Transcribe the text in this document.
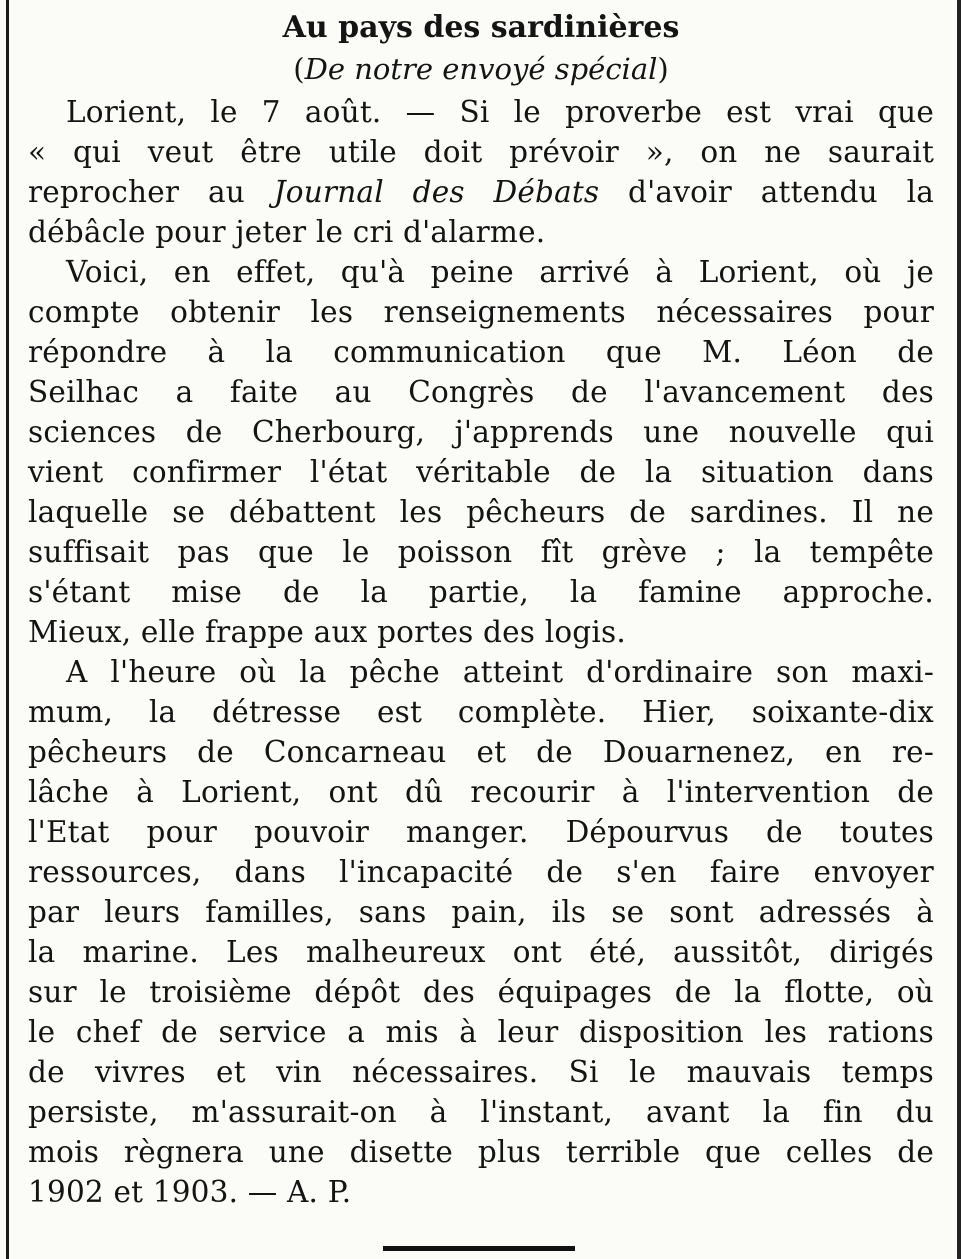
Au pays des sardinières
(De notre envoyé spécial)
Lorient, le 7 août. — Si le proverbe est vrai que
« qui veut être utile doit prévoir », on ne saurait
reprocher au Journal des Débats d'avoir attendu la
débâcle pour jeter le cri d'alarme.
Voici, en effet, qu'à peine arrivé à Lorient, où je
compte obtenir les renseignements nécessaires pour
répondre à la communication que M. Léon de
Seilhac a faite au Congrès de l'avancement des
sciences de Cherbourg, j'apprends une nouvelle qui
vient confirmer l'état véritable de la situation dans
laquelle se débattent les pêcheurs de sardines. Il ne
suffisait pas que le poisson fît grève ; la tempête
s'étant mise de la partie, la famine approche.
Mieux, elle frappe aux portes des logis.
A l'heure où la pêche atteint d'ordinaire son maxi-
mum, la détresse est complète. Hier, soixante-dix
pêcheurs de Concarneau et de Douarnenez, en re-
lâche à Lorient, ont dû recourir à l'intervention de
l'Etat pour pouvoir manger. Dépourvus de toutes
ressources, dans l'incapacité de s'en faire envoyer
par leurs familles, sans pain, ils se sont adressés à
la marine. Les malheureux ont été, aussitôt, dirigés
sur le troisième dépôt des équipages de la flotte, où
le chef de service a mis à leur disposition les rations
de vivres et vin nécessaires. Si le mauvais temps
persiste, m'assurait-on à l'instant, avant la fin du
mois règnera une disette plus terrible que celles de
1902 et 1903. — A. P.
